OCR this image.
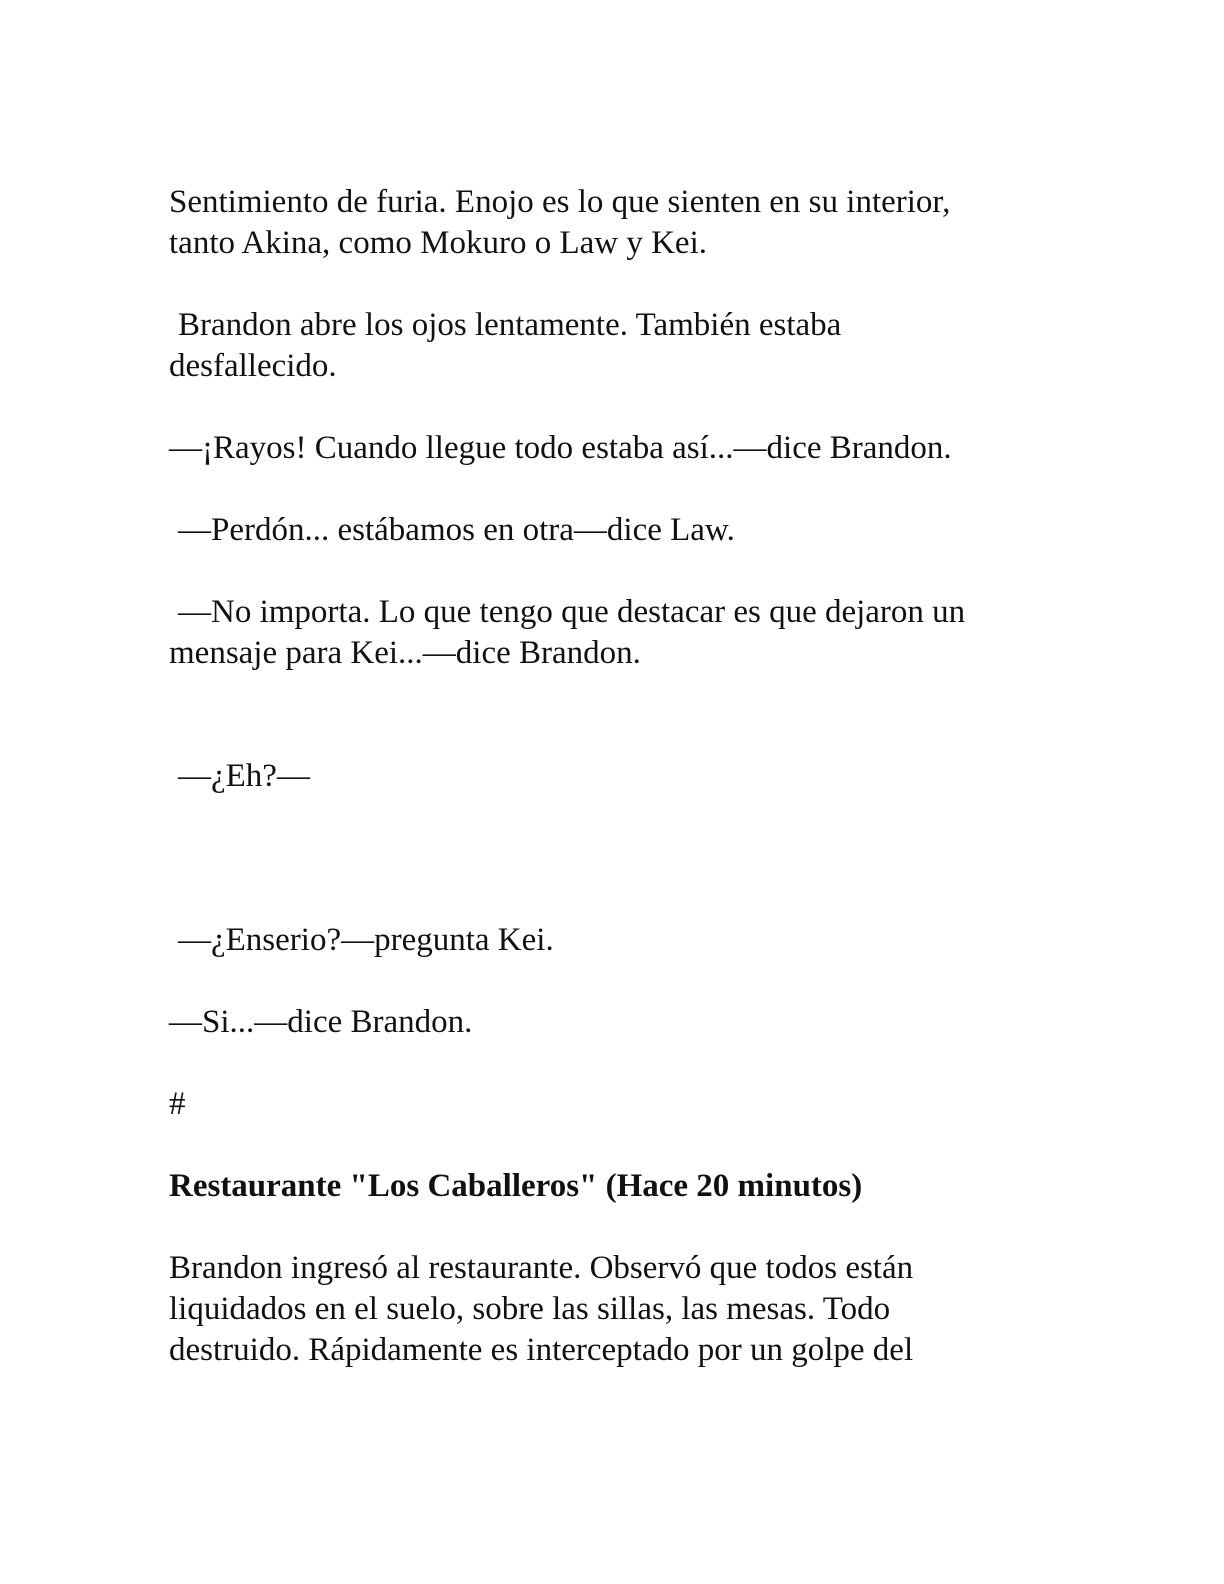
Sentimiento de furia. Enojo es lo que sienten en su interior,
tanto Akina, como Mokuro o Law y Kei.
Brandon abre los ojos lentamente. También estaba
desfallecido.
—¡Rayos! Cuando llegue todo estaba así...—dice Brandon.
—Perdón... estábamos en otra—dice Law.
—No importa. Lo que tengo que destacar es que dejaron un
mensaje para Kei...—dice Brandon.
—¿Eh?—
—¿Enserio?—pregunta Kei.
—Si...—dice Brandon.
#
Restaurante "Los Caballeros" (Hace 20 minutos)
Brandon ingresó al restaurante. Observó que todos están
liquidados en el suelo, sobre las sillas, las mesas. Todo
destruido. Rápidamente es interceptado por un golpe del
